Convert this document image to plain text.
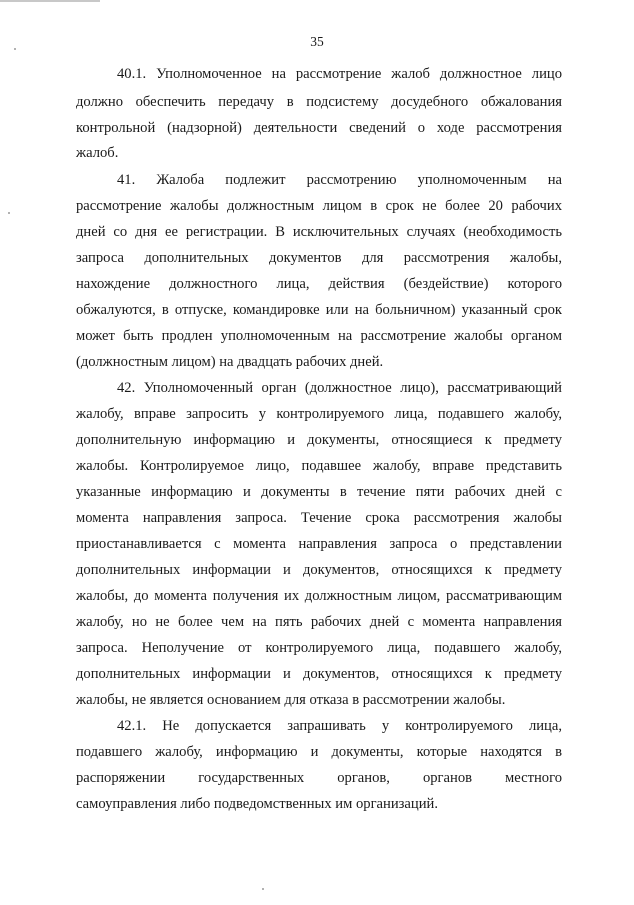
35
40.1. Уполномоченное на рассмотрение жалоб должностное лицо
должно обеспечить передачу в подсистему досудебного обжалования
контрольной (надзорной) деятельности сведений о ходе рассмотрения
жалоб.
41. Жалоба подлежит рассмотрению уполномоченным на
рассмотрение жалобы должностным лицом в срок не более 20 рабочих
дней со дня ее регистрации. В исключительных случаях (необходимость
запроса дополнительных документов для рассмотрения жалобы,
нахождение должностного лица, действия (бездействие) которого
обжалуются, в отпуске, командировке или на больничном) указанный срок
может быть продлен уполномоченным на рассмотрение жалобы органом
(должностным лицом) на двадцать рабочих дней.
42. Уполномоченный орган (должностное лицо), рассматривающий
жалобу, вправе запросить у контролируемого лица, подавшего жалобу,
дополнительную информацию и документы, относящиеся к предмету
жалобы. Контролируемое лицо, подавшее жалобу, вправе представить
указанные информацию и документы в течение пяти рабочих дней с
момента направления запроса. Течение срока рассмотрения жалобы
приостанавливается с момента направления запроса о представлении
дополнительных информации и документов, относящихся к предмету
жалобы, до момента получения их должностным лицом, рассматривающим
жалобу, но не более чем на пять рабочих дней с момента направления
запроса. Неполучение от контролируемого лица, подавшего жалобу,
дополнительных информации и документов, относящихся к предмету
жалобы, не является основанием для отказа в рассмотрении жалобы.
42.1. Не допускается запрашивать у контролируемого лица,
подавшего жалобу, информацию и документы, которые находятся в
распоряжении государственных органов, органов местного
самоуправления либо подведомственных им организаций.
